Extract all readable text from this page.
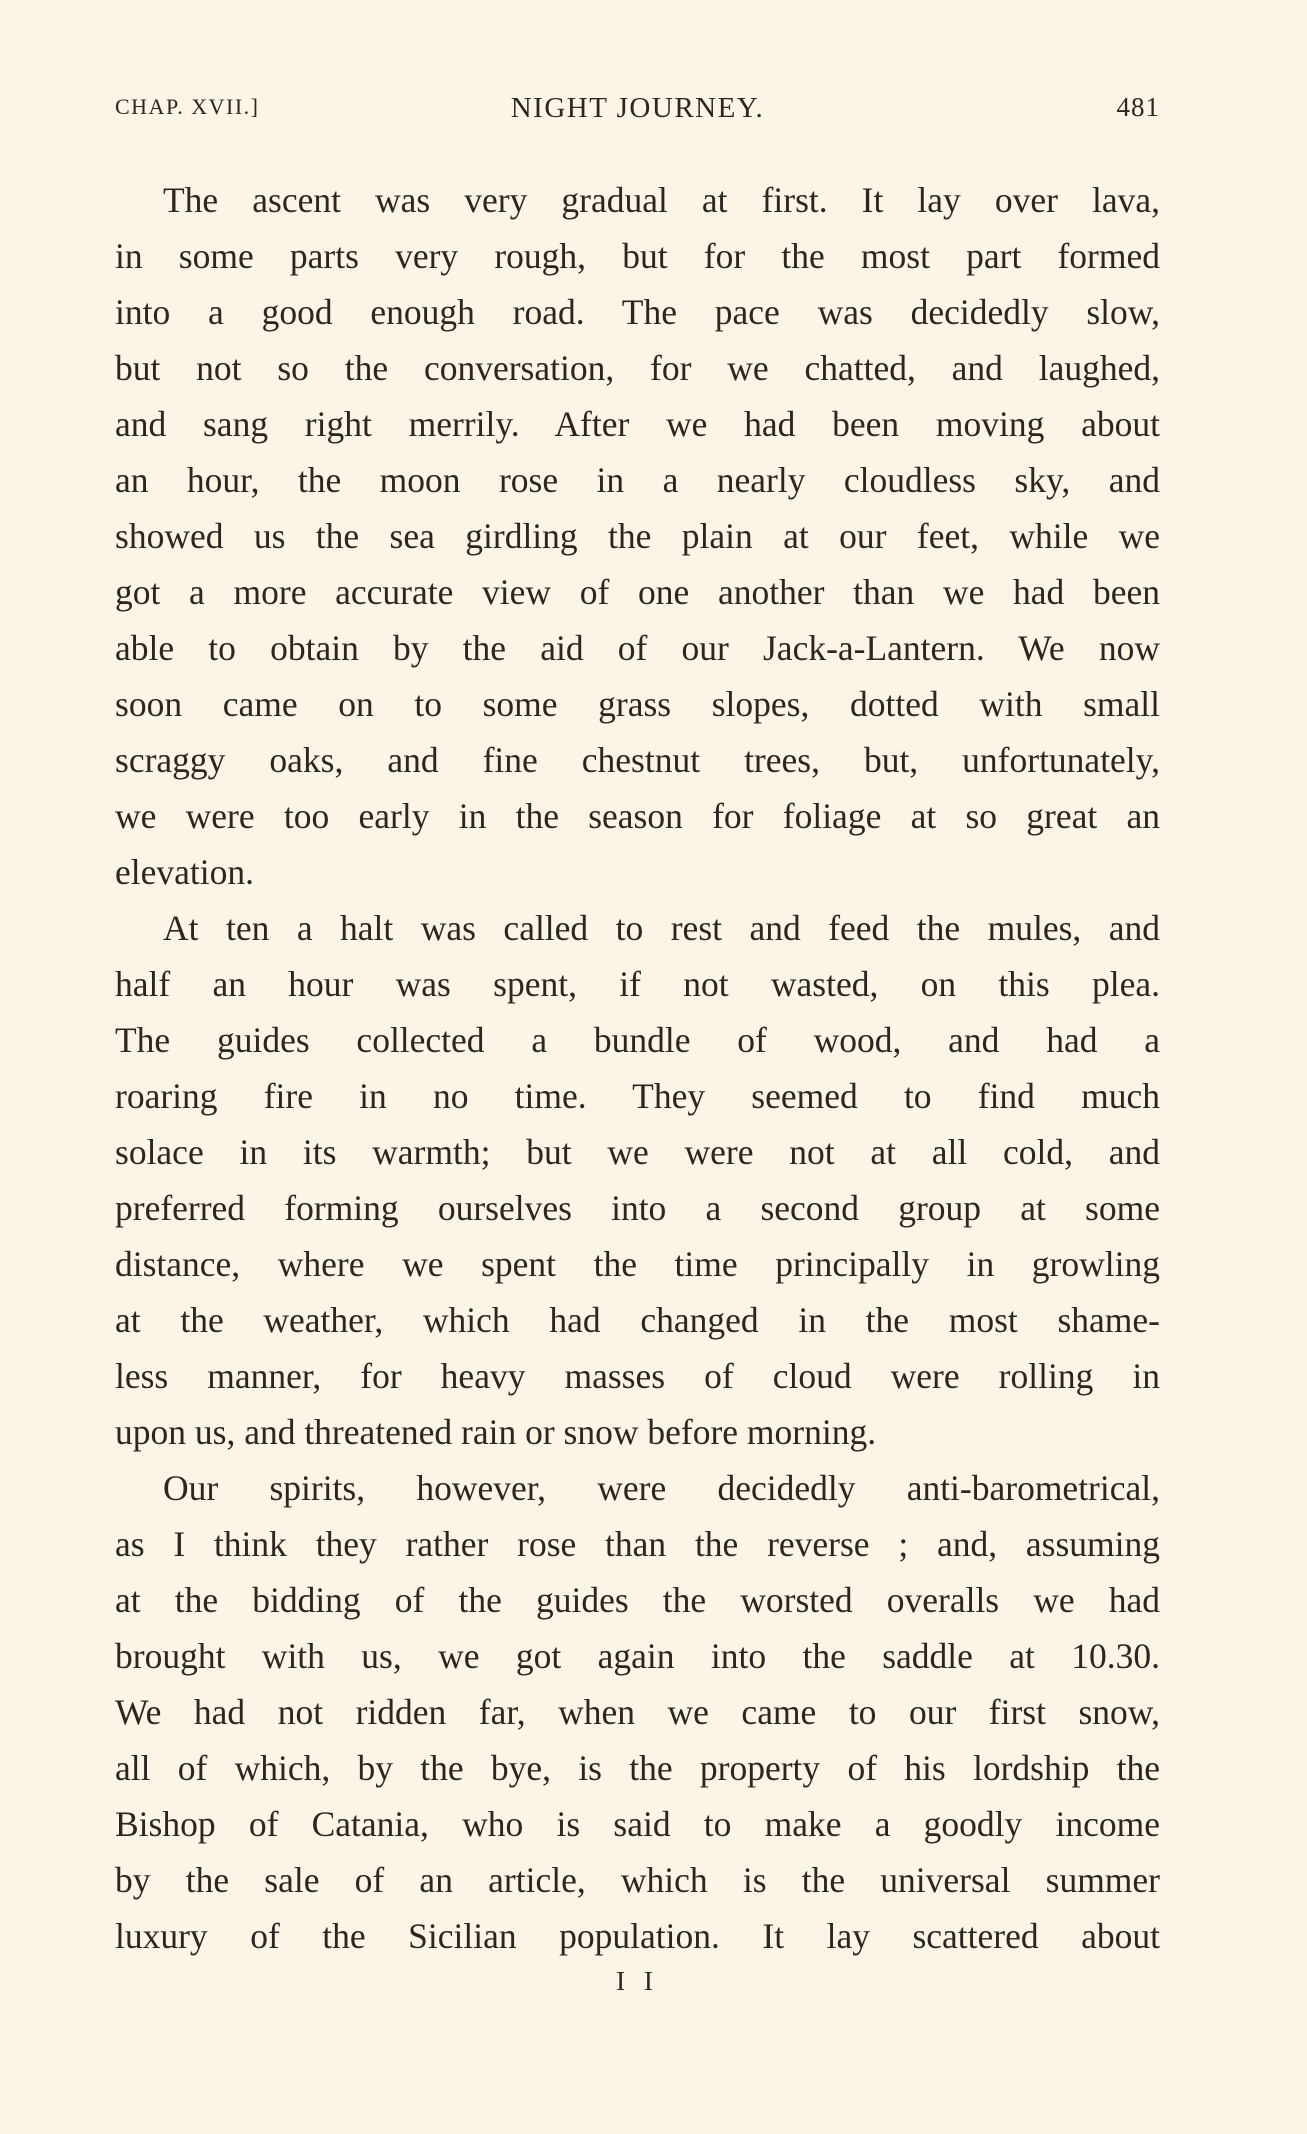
CHAP. XVII.]	NIGHT JOURNEY.	481
The ascent was very gradual at first. It lay over lava,
in some parts very rough, but for the most part formed
into a good enough road. The pace was decidedly slow,
but not so the conversation, for we chatted, and laughed,
and sang right merrily. After we had been moving about
an hour, the moon rose in a nearly cloudless sky, and
showed us the sea girdling the plain at our feet, while we
got a more accurate view of one another than we had been
able to obtain by the aid of our Jack-a-Lantern. We now
soon came on to some grass slopes, dotted with small
scraggy oaks, and fine chestnut trees, but, unfortunately,
we were too early in the season for foliage at so great an
elevation.
At ten a halt was called to rest and feed the mules, and
half an hour was spent, if not wasted, on this plea.
The guides collected a bundle of wood, and had a
roaring fire in no time. They seemed to find much
solace in its warmth; but we were not at all cold, and
preferred forming ourselves into a second group at some
distance, where we spent the time principally in growling
at the weather, which had changed in the most shame-
less manner, for heavy masses of cloud were rolling in
upon us, and threatened rain or snow before morning.
Our spirits, however, were decidedly anti-barometrical,
as I think they rather rose than the reverse ; and, assuming
at the bidding of the guides the worsted overalls we had
brought with us, we got again into the saddle at 10.30.
We had not ridden far, when we came to our first snow,
all of which, by the bye, is the property of his lordship the
Bishop of Catania, who is said to make a goodly income
by the sale of an article, which is the universal summer
luxury of the Sicilian population. It lay scattered about
I I
